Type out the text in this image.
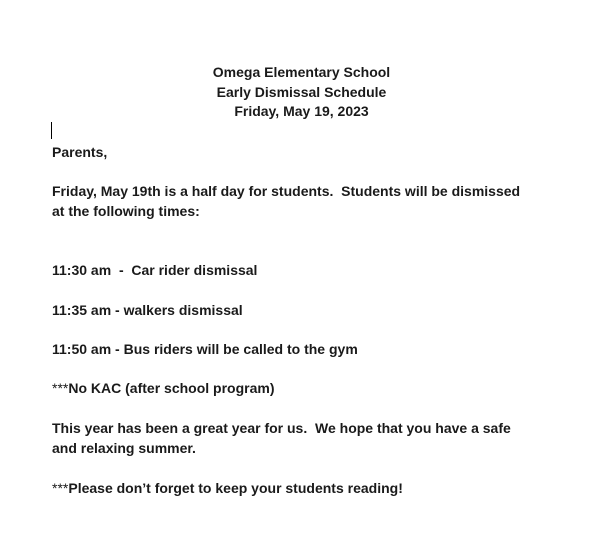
Omega Elementary School
Early Dismissal Schedule
Friday, May 19, 2023
Parents,
Friday, May 19th is a half day for students.  Students will be dismissed
at the following times:
11:30 am  -  Car rider dismissal
11:35 am - walkers dismissal
11:50 am - Bus riders will be called to the gym
***No KAC (after school program)
This year has been a great year for us.  We hope that you have a safe
and relaxing summer.
***Please don’t forget to keep your students reading!
